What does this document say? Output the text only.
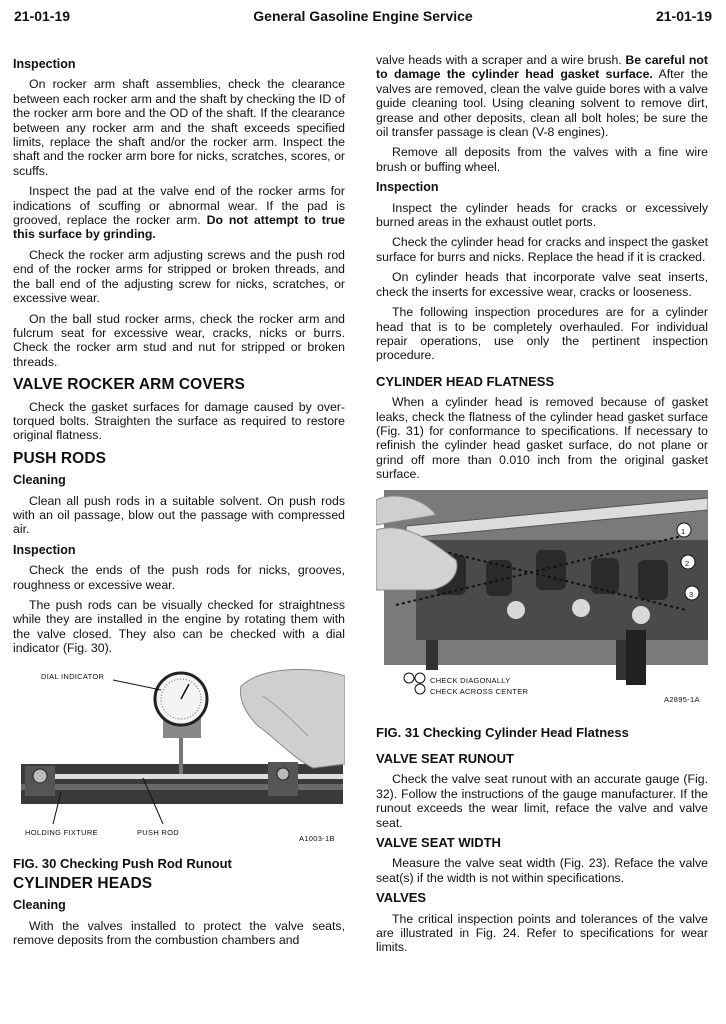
21-01-19	General Gasoline Engine Service	21-01-19
Inspection

On rocker arm shaft assemblies, check the clearance between each rocker arm and the shaft by checking the ID of the rocker arm bore and the OD of the shaft. If the clearance between any rocker arm and the shaft exceeds specified limits, replace the shaft and/or the rocker arm. Inspect the shaft and the rocker arm bore for nicks, scratches, scores, or scuffs.

Inspect the pad at the valve end of the rocker arms for indications of scuffing or abnormal wear. If the pad is grooved, replace the rocker arm. Do not attempt to true this surface by grinding.

Check the rocker arm adjusting screws and the push rod end of the rocker arms for stripped or broken threads, and the ball end of the adjusting screw for nicks, scratches, or excessive wear.

On the ball stud rocker arms, check the rocker arm and fulcrum seat for excessive wear, cracks, nicks or burrs. Check the rocker arm stud and nut for stripped or broken threads.

VALVE ROCKER ARM COVERS

Check the gasket surfaces for damage caused by over-torqued bolts. Straighten the surface as required to restore original flatness.

PUSH RODS
Cleaning

Clean all push rods in a suitable solvent. On push rods with an oil passage, blow out the passage with compressed air.

Inspection

Check the ends of the push rods for nicks, grooves, roughness or excessive wear.

The push rods can be visually checked for straightness while they are installed in the engine by rotating them with the valve closed. They also can be checked with a dial indicator (Fig. 30).

DIAL INDICATOR
HOLDING FIXTURE	PUSH ROD
A1003-1B
FIG. 30 Checking Push Rod Runout
CYLINDER HEADS
Cleaning

With the valves installed to protect the valve seats, remove deposits from the combustion chambers and

valve heads with a scraper and a wire brush. Be careful not to damage the cylinder head gasket surface. After the valves are removed, clean the valve guide bores with a valve guide cleaning tool. Using cleaning solvent to remove dirt, grease and other deposits, clean all bolt holes; be sure the oil transfer passage is clean (V-8 engines).

Remove all deposits from the valves with a fine wire brush or buffing wheel.

Inspection

Inspect the cylinder heads for cracks or excessively burned areas in the exhaust outlet ports.

Check the cylinder head for cracks and inspect the gasket surface for burrs and nicks. Replace the head if it is cracked.

On cylinder heads that incorporate valve seat inserts, check the inserts for excessive wear, cracks or looseness.

The following inspection procedures are for a cylinder head that is to be completely overhauled. For individual repair operations, use only the pertinent inspection procedure.

CYLINDER HEAD FLATNESS

When a cylinder head is removed because of gasket leaks, check the flatness of the cylinder head gasket surface (Fig. 31) for conformance to specifications. If necessary to refinish the cylinder head gasket surface, do not plane or grind off more than 0.010 inch from the original gasket surface.

1
2
3
CHECK DIAGONALLY
CHECK ACROSS CENTER
A2895-1A
FIG. 31 Checking Cylinder Head Flatness
VALVE SEAT RUNOUT

Check the valve seat runout with an accurate gauge (Fig. 32). Follow the instructions of the gauge manufacturer. If the runout exceeds the wear limit, reface the valve and valve seat.

VALVE SEAT WIDTH

Measure the valve seat width (Fig. 23). Reface the valve seat(s) if the width is not within specifications.

VALVES

The critical inspection points and tolerances of the valve are illustrated in Fig. 24. Refer to specifications for wear limits.
